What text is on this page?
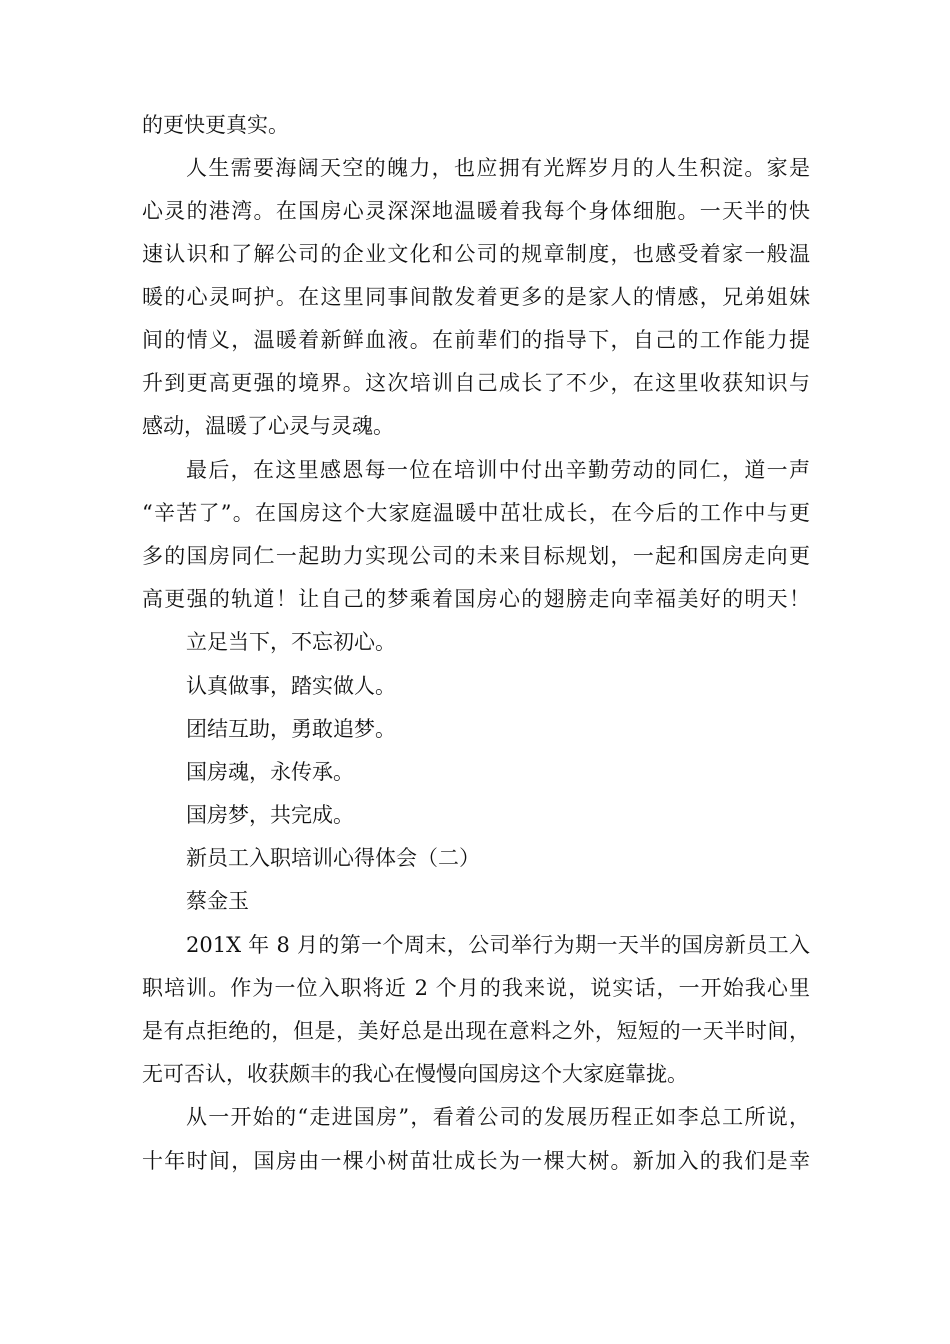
的更快更真实。
人生需要海阔天空的魄力，也应拥有光辉岁月的人生积淀。家是
心灵的港湾。在国房心灵深深地温暖着我每个身体细胞。一天半的快
速认识和了解公司的企业文化和公司的规章制度，也感受着家一般温
暖的心灵呵护。在这里同事间散发着更多的是家人的情感，兄弟姐妹
间的情义，温暖着新鲜血液。在前辈们的指导下，自己的工作能力提
升到更高更强的境界。这次培训自己成长了不少，在这里收获知识与
感动，温暖了心灵与灵魂。
最后，在这里感恩每一位在培训中付出辛勤劳动的同仁，道一声
“辛苦了”。在国房这个大家庭温暖中茁壮成长，在今后的工作中与更
多的国房同仁一起助力实现公司的未来目标规划，一起和国房走向更
高更强的轨道！让自己的梦乘着国房心的翅膀走向幸福美好的明天！
立足当下，不忘初心。
认真做事，踏实做人。
团结互助，勇敢追梦。
国房魂，永传承。
国房梦，共完成。
新员工入职培训心得体会（二）
蔡金玉
201X 年 8 月的第一个周末，公司举行为期一天半的国房新员工入
职培训。作为一位入职将近 2 个月的我来说，说实话，一开始我心里
是有点拒绝的，但是，美好总是出现在意料之外，短短的一天半时间，
无可否认，收获颇丰的我心在慢慢向国房这个大家庭靠拢。
从一开始的“走进国房”，看着公司的发展历程正如李总工所说，
十年时间，国房由一棵小树苗壮成长为一棵大树。新加入的我们是幸
